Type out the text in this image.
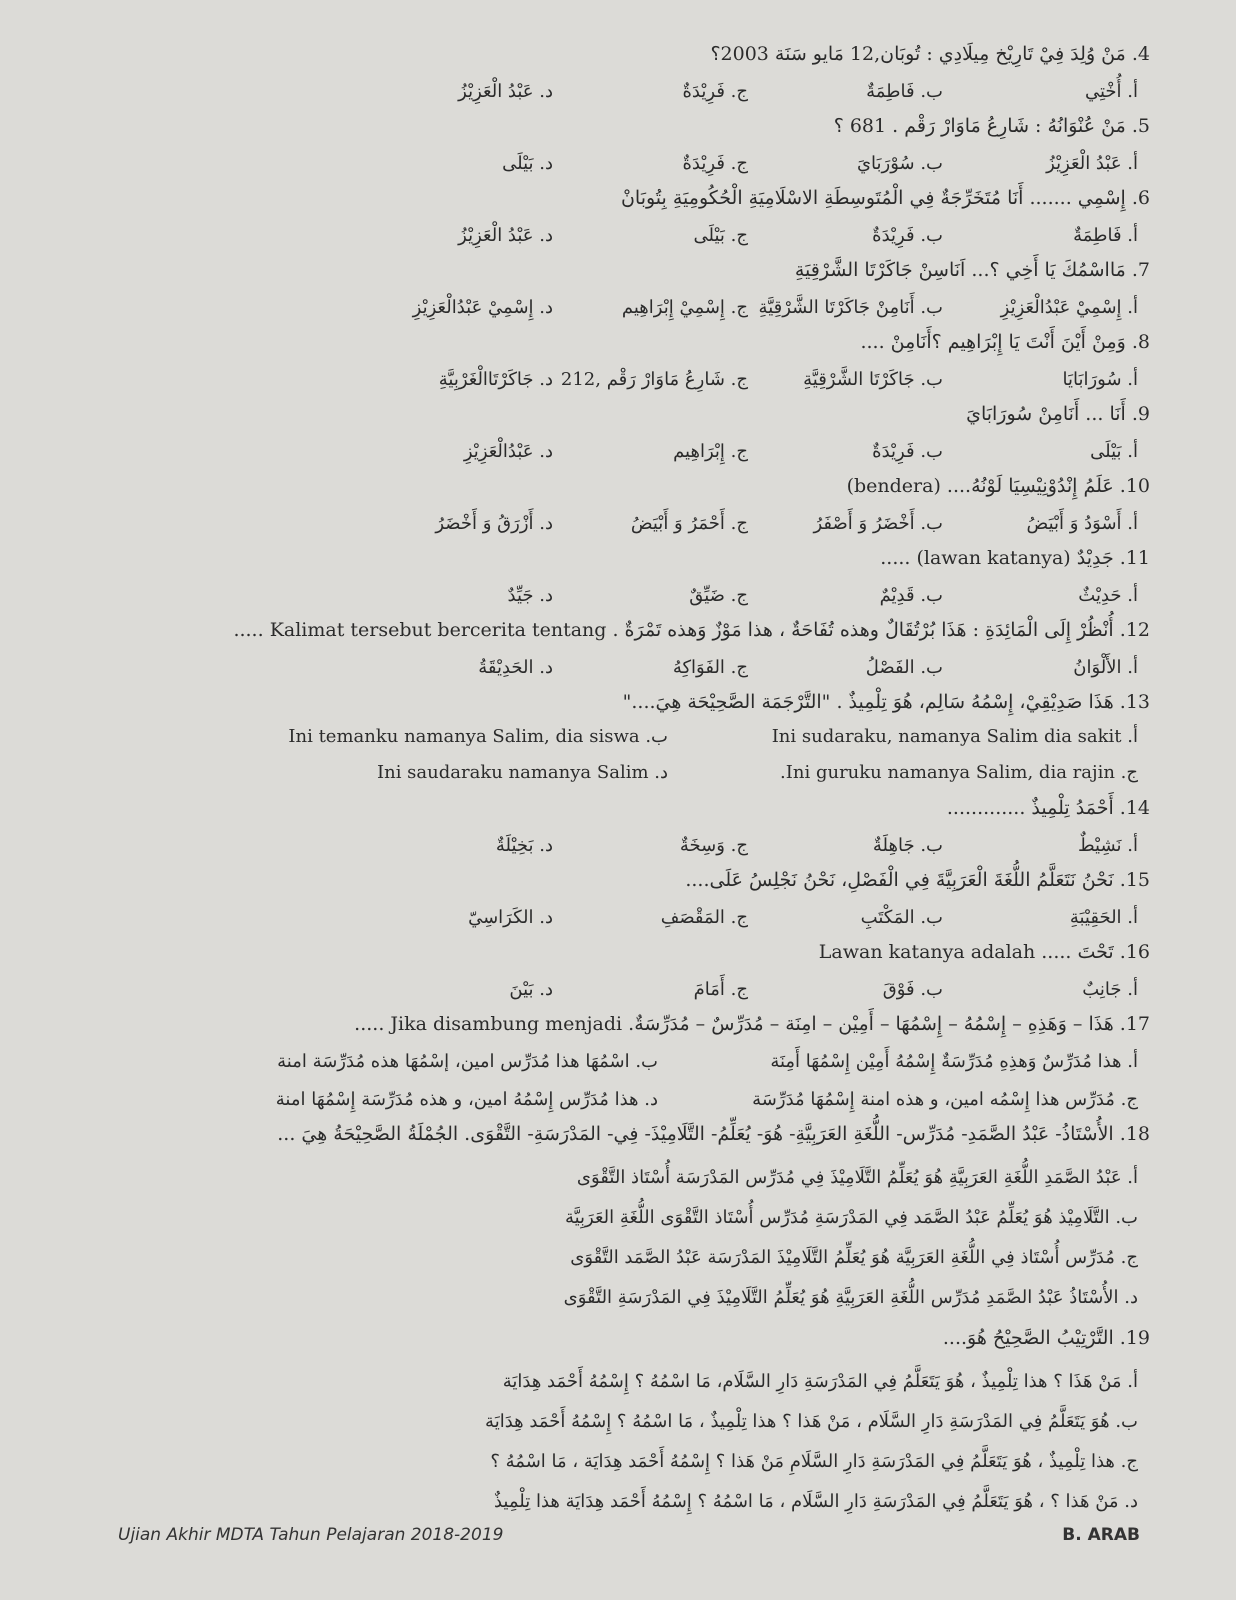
4. مَنْ وُلِدَ فِيْ تَارِيْخ مِيلَادِي : تُوبَان,12 مَايو سَنَة 2003؟
أ. أُخْتِي
ب. فَاطِمَةٌ
ج. فَرِيْدَةٌ
د. عَبْدُ الْعَزِيْزُ
5. مَنْ عُنْوَانُهُ : شَارِعُ مَاوَارْ رَقْم . 681 ؟
أ. عَبْدُ الْعَزِيْزُ
ب. سُوْرَبَايَ
ج. فَرِيْدَةٌ
د. بَيْلَى
6. إِسْمِي ....... أَنَا مُتَخَرِّجَةٌ فِي الْمُتَوسِطَةِ الاسْلَامِيَةِ الْحُكُومِيَةِ بِتُوبَانْ
أ. فَاطِمَةٌ
ب. فَرِيْدَةٌ
ج. بَيْلَى
د. عَبْدُ الْعَزِيْزُ
7. مَااسْمُكَ يَا أَخِي ؟... اَنَاسِنْ جَاكَرْتَا الشَّرْقِيَةِ
أ. إِسْمِيْ عَبْدُالْعَزِيْزِ
ب. أَنَامِنْ جَاكَرْتَا الشَّرْقِيَّةِ
ج. إِسْمِيْ إِبْرَاهِيم
د. إِسْمِيْ عَبْدُالْعَزِيْزِ
8. وَمِنْ أَيْنَ أَنْتَ يَا إِبْرَاهِيم ؟أَنَامِنْ ....
أ. سُورَابَايَا
ب. جَاكَرْتَا الشَّرْقِيَّةِ
ج. شَارِعُ مَاوَارْ رَقْم ,212
د. جَاكَرْتَاالْغَرْبِيَّةِ
9. أَنَا ... أَنَامِنْ سُورَابَايَ
أ. بَيْلَى
ب. فَرِيْدَةٌ
ج. إِبْرَاهِيم
د. عَبْدُالْعَزِيْزِ
10. عَلَمُ إِنْدُوْنِيْسِيَا لَوْنُهُ.... (bendera)
أ. أَسْوَدُ وَ أَبْيَضُ
ب. أَخْضَرُ وَ أَصْفَرُ
ج. أَحْمَرُ وَ أَبْيَضُ
د. أَزْرَقُ وَ أَخْضَرُ
11. جَدِيْدٌ (lawan katanya) .....
أ. حَدِيْثٌ
ب. قَدِيْمٌ
ج. ضَيِّقٌ
د. جَيِّدٌ
12. أُنْظُرْ إِلَى الْمَائِدَةِ : هَذَا بُرْتُقَالٌ وهذه تُفَاحَةٌ ، هذا مَوْزٌ وَهذه تَمْرَةٌ . Kalimat tersebut bercerita tentang .....
أ. الأَلْوَانُ
ب. الفَصْلُ
ج. الفَوَاكِهُ
د. الحَدِيْقَةُ
13. هَذَا صَدِيْقِيْ، إِسْمُهُ سَالِم، هُوَ تِلْمِيذٌ . "التَّرْجَمَة الصَّحِيْحَة هِيَ...."
أ. Ini sudaraku, namanya Salim dia sakit
ب. Ini temanku namanya Salim, dia siswa
ج. Ini guruku namanya Salim, dia rajin.
د. Ini saudaraku namanya Salim
14. أَحْمَدُ تِلْمِيذٌ .............
أ. نَشِيْطٌ
ب. جَاهِلَةٌ
ج. وَسِخَةٌ
د. بَخِيْلَةٌ
15. نَحْنُ نَتَعَلَّمُ اللُّغَةَ الْعَرَبِيَّةَ فِي الْفَصْلِ، نَحْنُ نَجْلِسُ عَلَى....
أ. الحَقِيْبَةِ
ب. المَكْتَبِ
ج. المَقْصَفِ
د. الكَرَاسِيّ
16. تَحْتَ ..... Lawan katanya adalah
أ. جَانِبٌ
ب. فَوْقَ
ج. أَمَامَ
د. بَيْنَ
17. هَذَا – وَهَذِهِ – إِسْمُهُ – إِسْمُهَا – أَمِيْن – امِنَة – مُدَرِّسٌ – مُدَرِّسَةٌ. Jika disambung menjadi .....
أ. هذا مُدَرِّسٌ وَهذِهِ مُدَرِّسَةٌ إِسْمُهُ أَمِيْن إِسْمُهَا أَمِنَة
ب. اسْمُهَا هذا مُدَرِّس امين، إسْمُهَا هذه مُدَرِّسَة امنة
ج. مُدَرِّس هذا إِسْمُه امين، و هذه امنة إِسْمُهَا مُدَرِّسَة
د. هذا مُدَرِّس إِسْمُهُ امين، و هذه مُدَرِّسَة إِسْمُهَا امنة
18. الأُسْتَاذُ- عَبْدُ الصَّمَدِ- مُدَرِّس- اللُّغَةِ العَرَبِيَّةِ- هُوَ- يُعَلِّمُ- التَّلَامِيْذَ- فِي- المَدْرَسَةِ- التَّقْوَى. الجُمْلَةُ الصَّحِيْحَةُ هِيَ ...
أ. عَبْدُ الصَّمَدِ اللُّغَةِ العَرَبِيَّةِ هُوَ يُعَلِّمُ التَّلَامِيْذَ فِي مُدَرِّس المَدْرَسَة أُسْتَاذ التَّقْوَى
ب. التَّلَامِيْذ هُوَ يُعَلِّمُ عَبْدُ الصَّمَد فِي المَدْرَسَةِ مُدَرِّس أُسْتَاذ التَّقْوَى اللُّغَةِ العَرَبِيَّة
ج. مُدَرِّس أُسْتَاذ فِي اللُّغَةِ العَرَبِيَّة هُوَ يُعَلِّمُ التَّلَامِيْذَ المَدْرَسَة عَبْدُ الصَّمَد التَّقْوَى
د. الأُسْتَاذُ عَبْدُ الصَّمَدِ مُدَرِّس اللُّغَةِ العَرَبِيَّةِ هُوَ يُعَلِّمُ التَّلَامِيْذَ فِي المَدْرَسَةِ التَّقْوَى
19. التَّرْتِيْبُ الصَّحِيْحُ هُوَ....
أ. مَنْ هَذَا ؟ هذا تِلْمِيذٌ ، هُوَ يَتَعَلَّمُ فِي المَدْرَسَةِ دَارِ السَّلَام، مَا اسْمُهُ ؟ إِسْمُهُ أَحْمَد هِدَايَة
ب. هُوَ يَتَعَلَّمُ فِي المَدْرَسَةِ دَارِ السَّلَام ، مَنْ هَذا ؟ هذا تِلْمِيذٌ ، مَا اسْمُهُ ؟ إِسْمُهُ أَحْمَد هِدَايَة
ج. هذا تِلْمِيذٌ ، هُوَ يَتَعَلَّمُ فِي المَدْرَسَةِ دَارِ السَّلَامِ مَنْ هَذا ؟ إِسْمُهُ أَحْمَد هِدَايَة ، مَا اسْمُهُ ؟
د. مَنْ هَذا ؟ ، هُوَ يَتَعَلَّمُ فِي المَدْرَسَةِ دَارِ السَّلَام ، مَا اسْمُهُ ؟ إِسْمُهُ أَحْمَد هِدَايَة هذا تِلْمِيذٌ
Ujian Akhir MDTA Tahun Pelajaran 2018-2019	B. ARAB
